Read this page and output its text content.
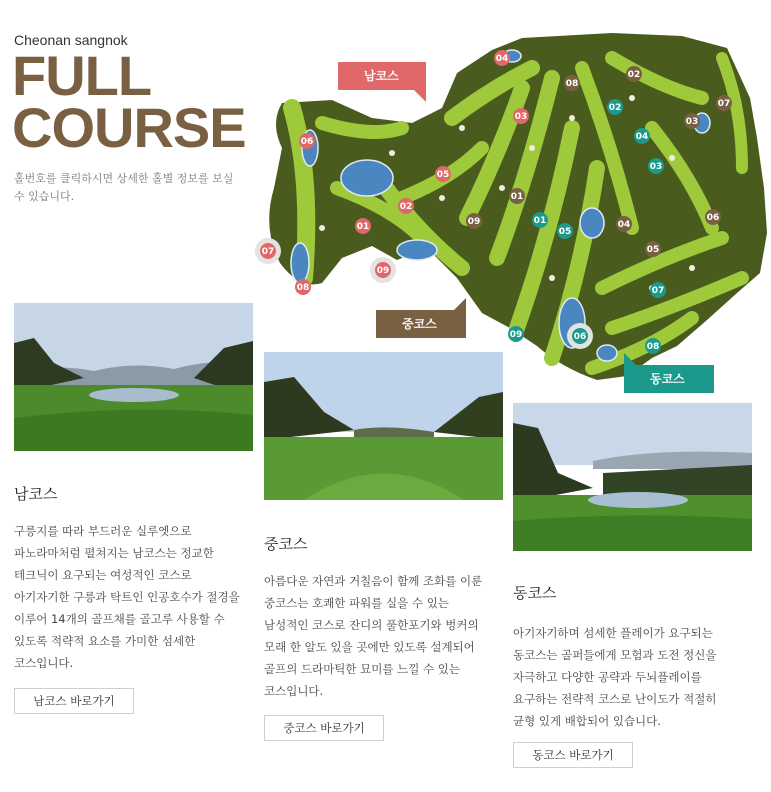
Cheonan sangnok
FULL
COURSE
홀번호를 클릭하시면 상세한 홀별 정보를 보실 수 있습니다.
01
02
03
04
05
06
07
08
09
01
02
03
04
05
06
07
08
09	01
02
03
04
05
06
07
08
09
남코스
중코스
동코스
남코스
구릉지를 따라 부드러운 실루엣으로 파노라마처럼 펼쳐지는 남코스는 정교한 테크닉이 요구되는 여성적인 코스로 아기자기한 구릉과 탁트인 인공호수가 절경을 이루어 14개의 골프채를 골고루 사용할 수 있도록 적략적 요소를 가미한 섬세한 코스입니다.
남코스 바로가기
중코스
아름다운 자연과 거칠음이 함께 조화를 이룬 중코스는 호쾌한 파워를 실을 수 있는 남성적인 코스로 잔디의 풀한포기와 벙커의 모래 한 알도 있을 곳에만 있도록 설계되어 골프의 드라마틱한 묘미를 느낄 수 있는 코스입니다.
중코스 바로가기
동코스
아기자기하며 섬세한 플레이가 요구되는 동코스는 골퍼들에게 모험과 도전 정신을 자극하고 다양한 공략과 두뇌플레이를 요구하는 전략적 코스로 난이도가 적절히 균형 있게 배합되어 있습니다.
동코스 바로가기
